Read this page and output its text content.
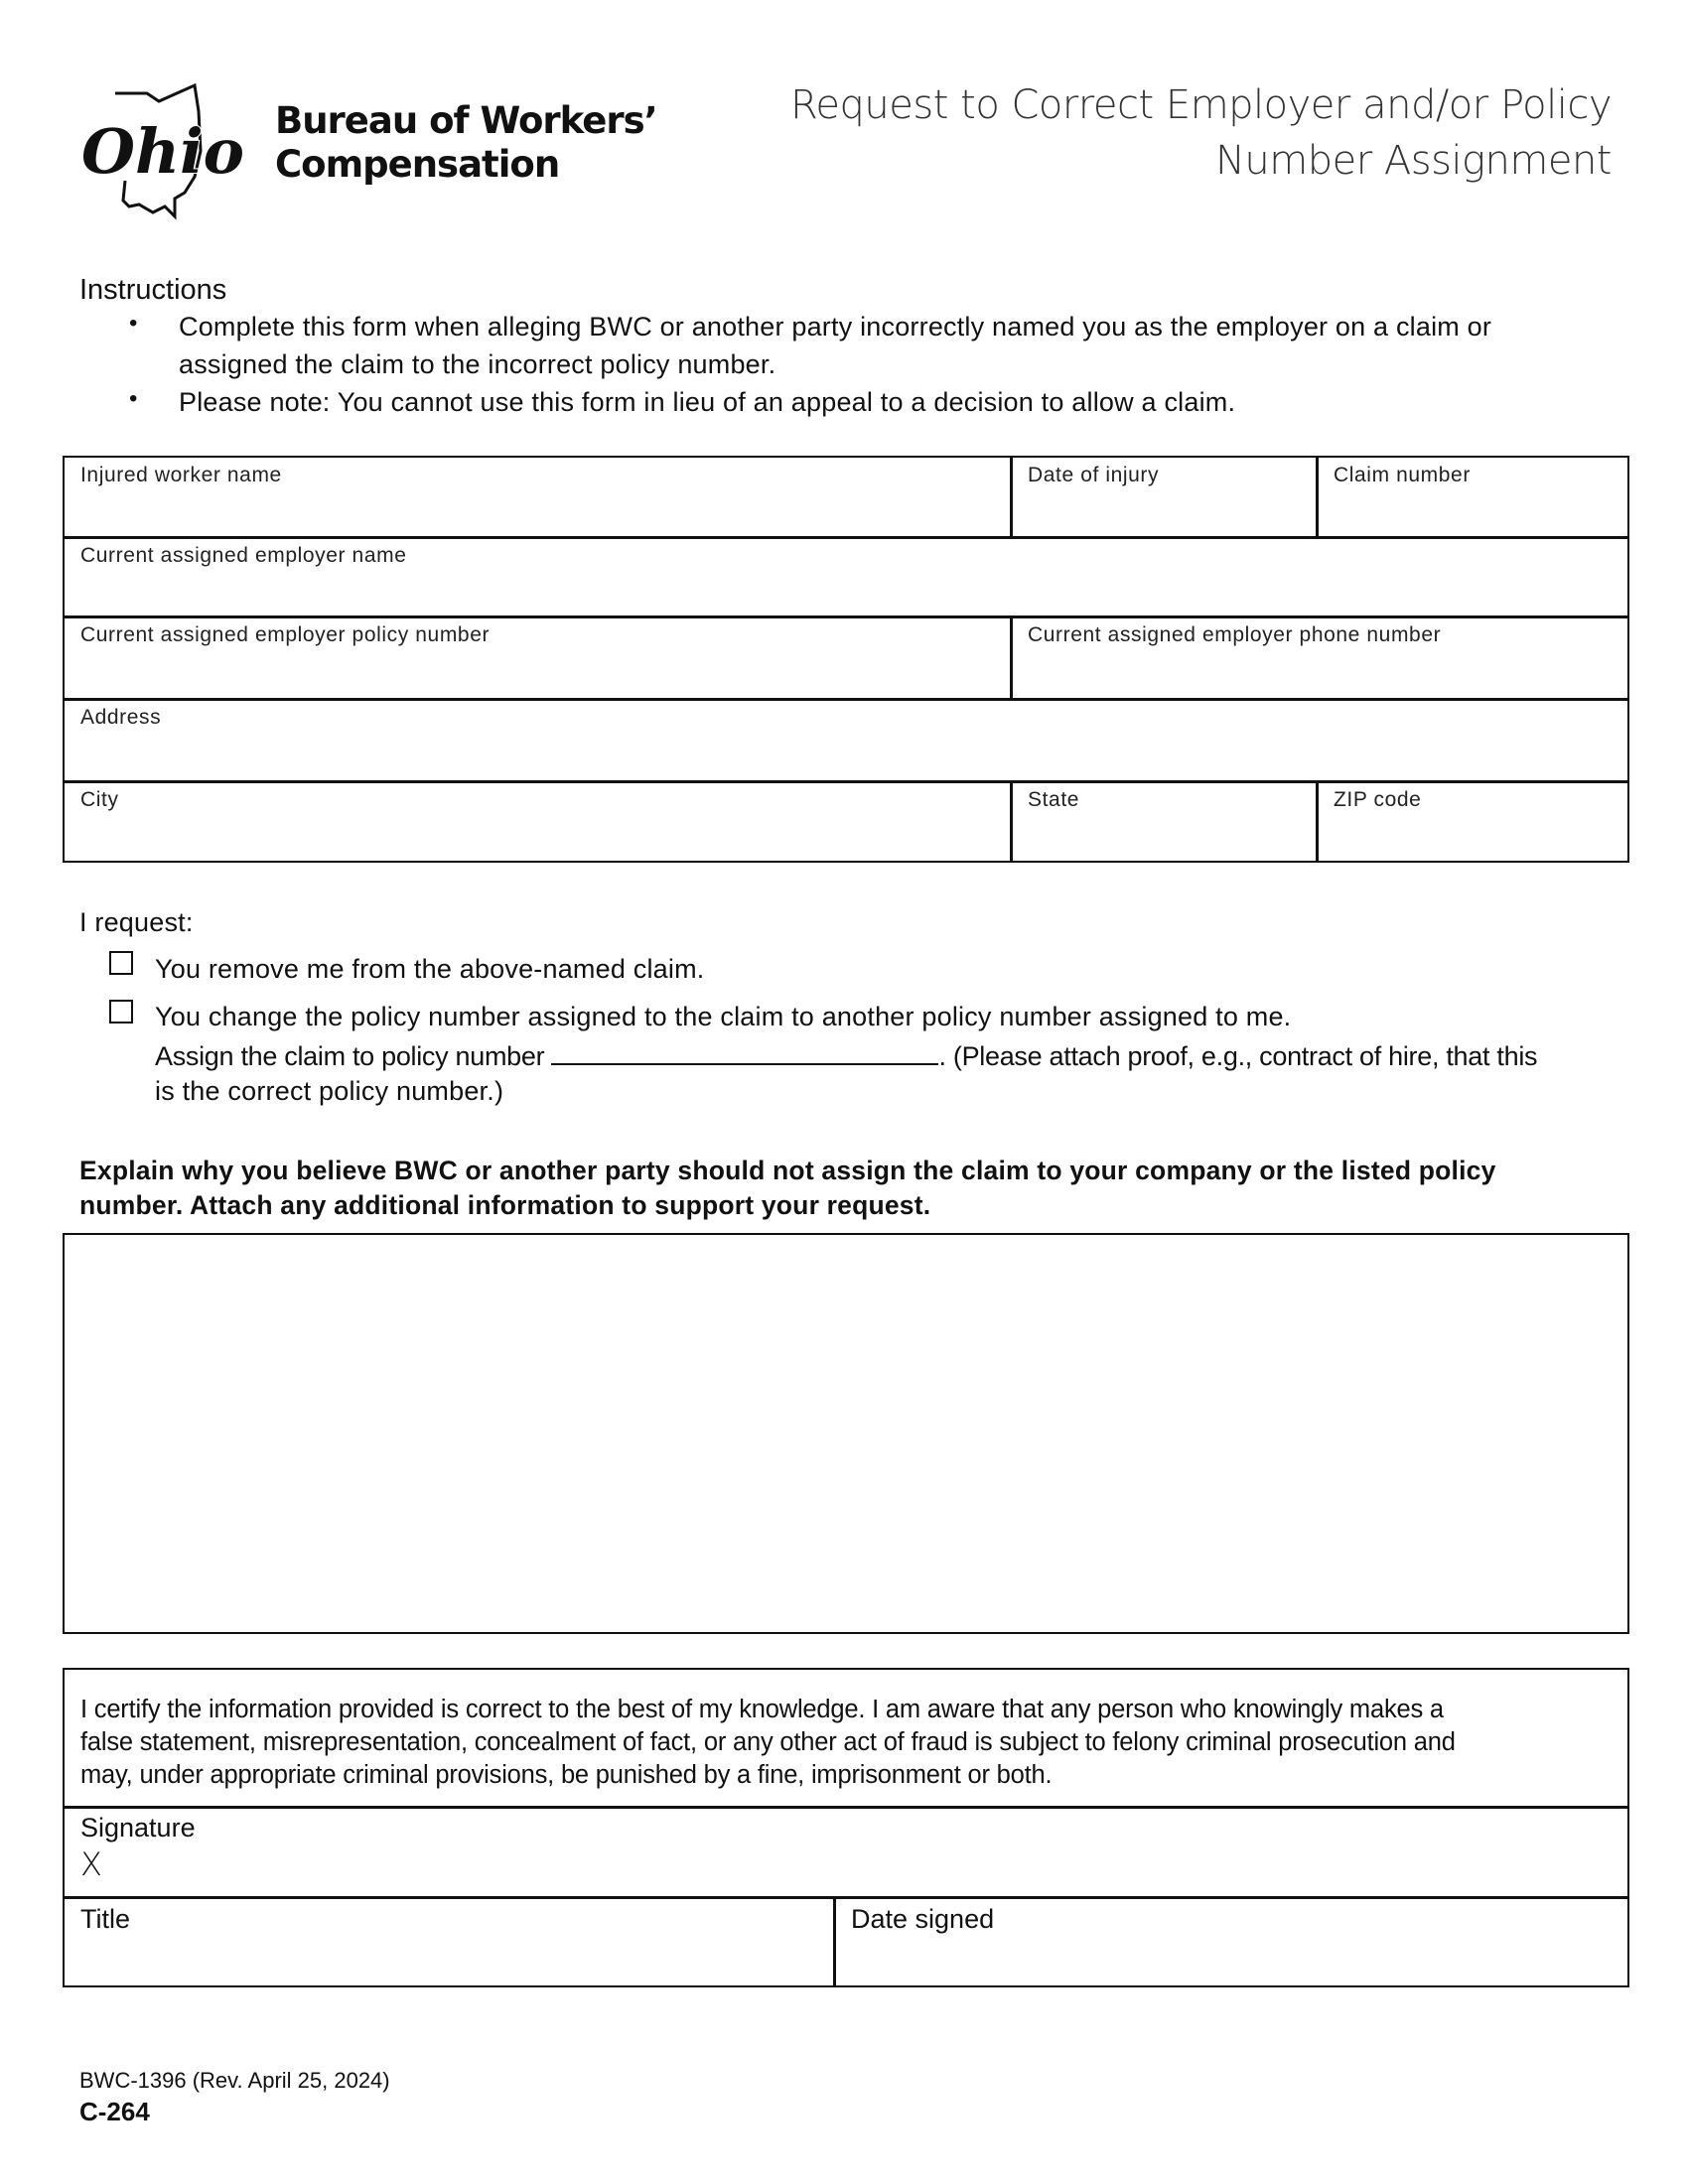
Ohio Bureau of Workers’
Compensation
Request to Correct Employer and/or Policy
Number Assignment
Instructions
• Complete this form when alleging BWC or another party incorrectly named you as the employer on a claim or
assigned the claim to the incorrect policy number.
• Please note: You cannot use this form in lieu of an appeal to a decision to allow a claim.
Injured worker name	Date of injury	Claim number
Current assigned employer name
Current assigned employer policy number	Current assigned employer phone number
Address
City	State	ZIP code
I request:
You remove me from the above-named claim.
You change the policy number assigned to the claim to another policy number assigned to me.
Assign the claim to policy number	. (Please attach proof, e.g., contract of hire, that this
is the correct policy number.)
Explain why you believe BWC or another party should not assign the claim to your company or the listed policy
number. Attach any additional information to support your request.
I certify the information provided is correct to the best of my knowledge. I am aware that any person who knowingly makes a
false statement, misrepresentation, concealment of fact, or any other act of fraud is subject to felony criminal prosecution and
may, under appropriate criminal provisions, be punished by a fine, imprisonment or both.
Signature
X
Title	Date signed
BWC-1396 (Rev. April 25, 2024)
C-264
